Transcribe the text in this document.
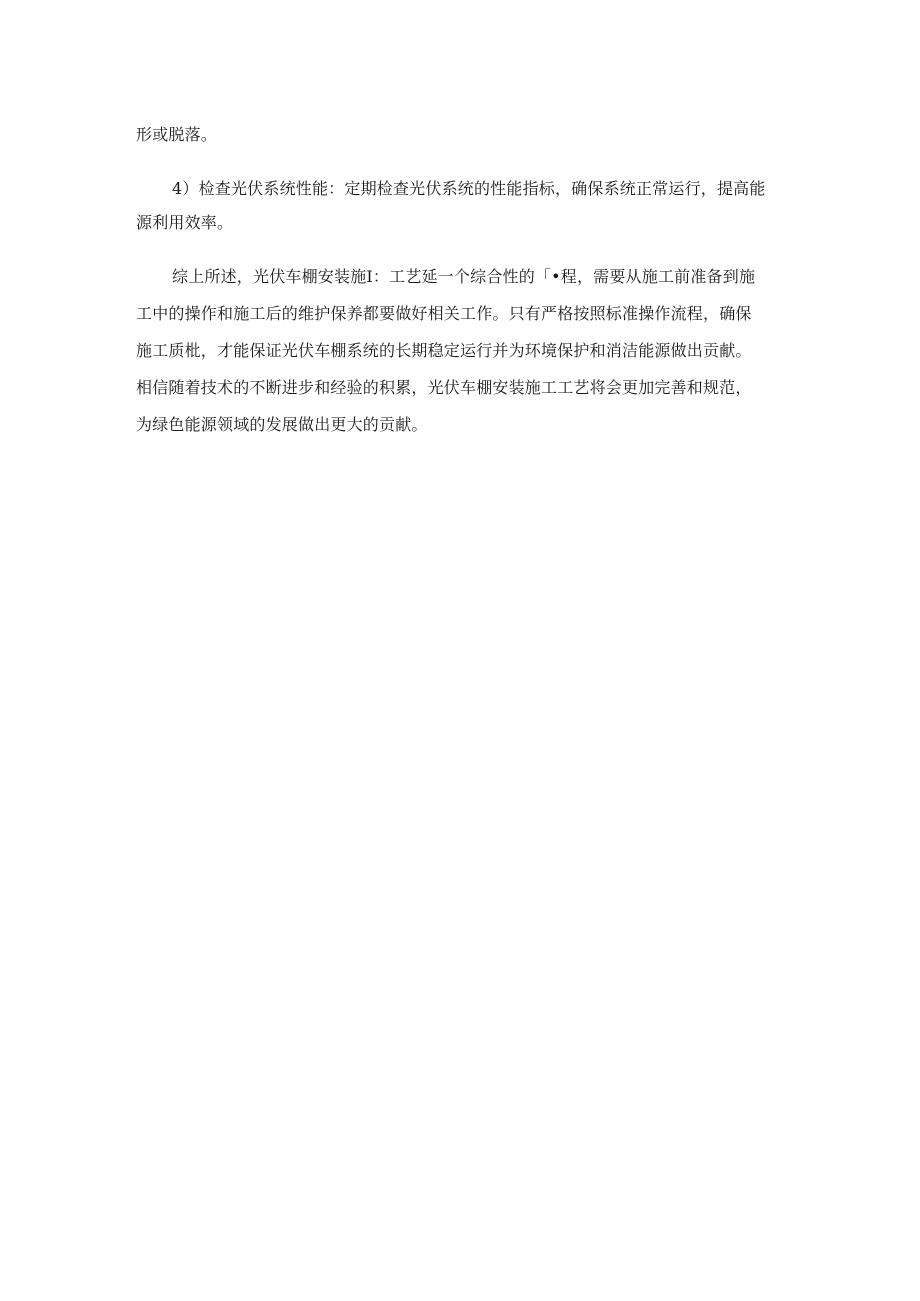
形或脱落。
4）检查光伏系统性能：定期检查光伏系统的性能指标，确保系统正常运行，提高能
源利用效率。
综上所述，光伏车棚安装施I：工艺延一个综合性的「•程，需要从施工前准备到施
工中的操作和施工后的维护保养都要做好相关工作。只有严格按照标准操作流程，确保
施工质枇，才能保证光伏车棚系统的长期稳定运行并为环境保护和消洁能源做出贡献。
相信随着技术的不断进步和经验的积累，光伏车棚安装施工工艺将会更加完善和规范，
为绿色能源领域的发展做出更大的贡献。
